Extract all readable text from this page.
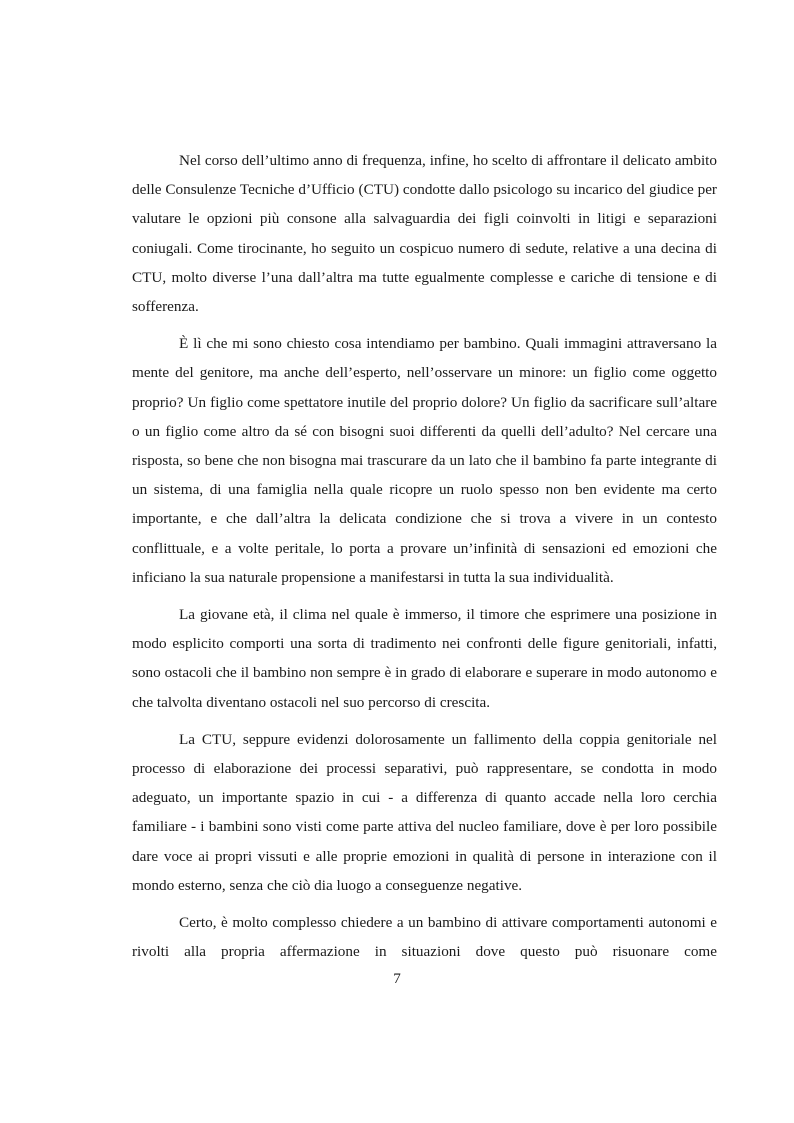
Nel corso dell’ultimo anno di frequenza, infine, ho scelto di affrontare il delicato ambito delle Consulenze Tecniche d’Ufficio (CTU) condotte dallo psicologo su incarico del giudice per valutare le opzioni più consone alla salvaguardia dei figli coinvolti in litigi e separazioni coniugali. Come tirocinante, ho seguito un cospicuo numero di sedute, relative a una decina di CTU, molto diverse l’una dall’altra ma tutte egualmente complesse e cariche di tensione e di sofferenza.

È lì che mi sono chiesto cosa intendiamo per bambino. Quali immagini attraversano la mente del genitore, ma anche dell’esperto, nell’osservare un minore: un figlio come oggetto proprio? Un figlio come spettatore inutile del proprio dolore? Un figlio da sacrificare sull’altare o un figlio come altro da sé con bisogni suoi differenti da quelli dell’adulto? Nel cercare una risposta, so bene che non bisogna mai trascurare da un lato che il bambino fa parte integrante di un sistema, di una famiglia nella quale ricopre un ruolo spesso non ben evidente ma certo importante, e che dall’altra la delicata condizione che si trova a vivere in un contesto conflittuale, e a volte peritale, lo porta a provare un’infinità di sensazioni ed emozioni che inficiano la sua naturale propensione a manifestarsi in tutta la sua individualità.

La giovane età, il clima nel quale è immerso, il timore che esprimere una posizione in modo esplicito comporti una sorta di tradimento nei confronti delle figure genitoriali, infatti, sono ostacoli che il bambino non sempre è in grado di elaborare e superare in modo autonomo e che talvolta diventano ostacoli nel suo percorso di crescita.

La CTU, seppure evidenzi dolorosamente un fallimento della coppia genitoriale nel processo di elaborazione dei processi separativi, può rappresentare, se condotta in modo adeguato, un importante spazio in cui - a differenza di quanto accade nella loro cerchia familiare - i bambini sono visti come parte attiva del nucleo familiare, dove è per loro possibile dare voce ai propri vissuti e alle proprie emozioni in qualità di persone in interazione con il mondo esterno, senza che ciò dia luogo a conseguenze negative.

Certo, è molto complesso chiedere a un bambino di attivare comportamenti autonomi e rivolti alla propria affermazione in situazioni dove questo può risuonare come

7
